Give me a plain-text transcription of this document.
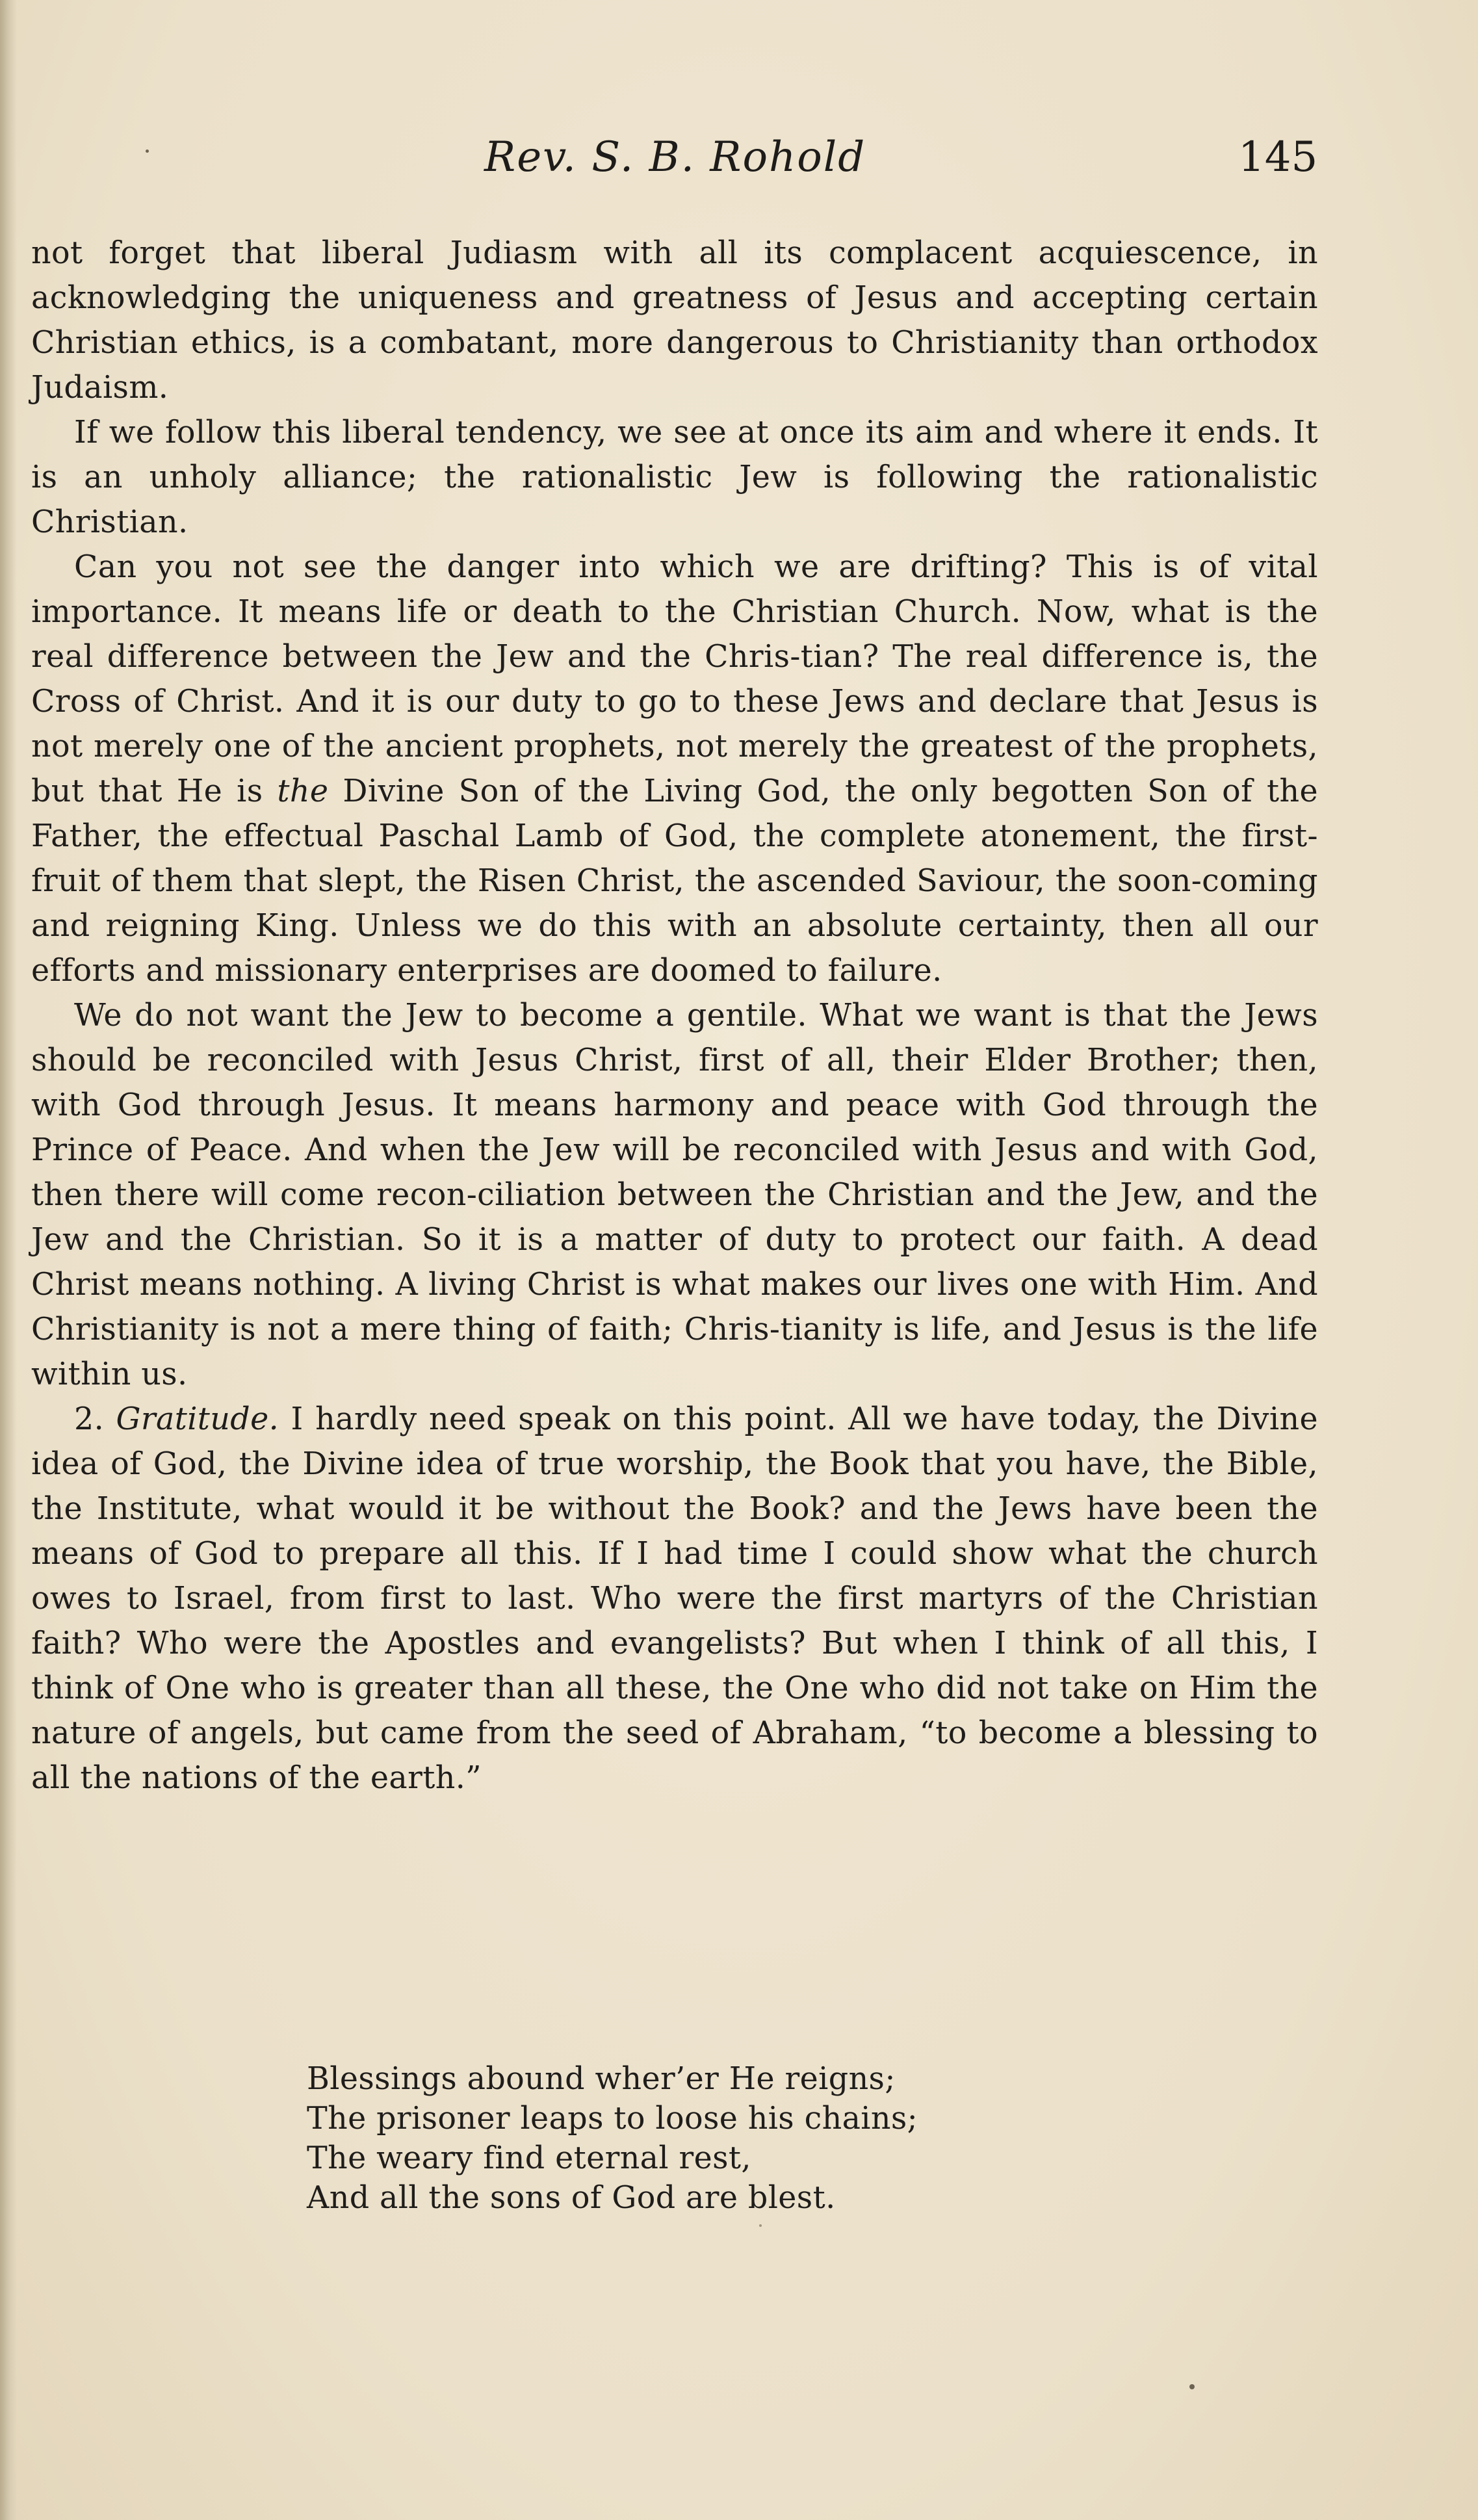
Rev. S. B. Rohold	145

not forget that liberal Judiasm with all its complacent acquiescence, in acknowledging the uniqueness and greatness of Jesus and accepting certain Christian ethics, is a combatant, more dangerous to Christianity than orthodox Judaism.

If we follow this liberal tendency, we see at once its aim and where it ends. It is an unholy alliance; the rationalistic Jew is following the rationalistic Christian.

Can you not see the danger into which we are drifting? This is of vital importance. It means life or death to the Christian Church. Now, what is the real difference between the Jew and the Chris-tian? The real difference is, the Cross of Christ. And it is our duty to go to these Jews and declare that Jesus is not merely one of the ancient prophets, not merely the greatest of the prophets, but that He is the Divine Son of the Living God, the only begotten Son of the Father, the effectual Paschal Lamb of God, the complete atonement, the first-fruit of them that slept, the Risen Christ, the ascended Saviour, the soon-coming and reigning King. Unless we do this with an absolute certainty, then all our efforts and missionary enterprises are doomed to failure.

We do not want the Jew to become a gentile. What we want is that the Jews should be reconciled with Jesus Christ, first of all, their Elder Brother; then, with God through Jesus. It means harmony and peace with God through the Prince of Peace. And when the Jew will be reconciled with Jesus and with God, then there will come recon-ciliation between the Christian and the Jew, and the Jew and the Christian. So it is a matter of duty to protect our faith. A dead Christ means nothing. A living Christ is what makes our lives one with Him. And Christianity is not a mere thing of faith; Chris-tianity is life, and Jesus is the life within us.

2. Gratitude. I hardly need speak on this point. All we have today, the Divine idea of God, the Divine idea of true worship, the Book that you have, the Bible, the Institute, what would it be without the Book? and the Jews have been the means of God to prepare all this. If I had time I could show what the church owes to Israel, from first to last. Who were the first martyrs of the Christian faith? Who were the Apostles and evangelists? But when I think of all this, I think of One who is greater than all these, the One who did not take on Him the nature of angels, but came from the seed of Abraham, “to become a blessing to all the nations of the earth.”

Blessings abound wher’er He reigns;
The prisoner leaps to loose his chains;
The weary find eternal rest,
And all the sons of God are blest.
